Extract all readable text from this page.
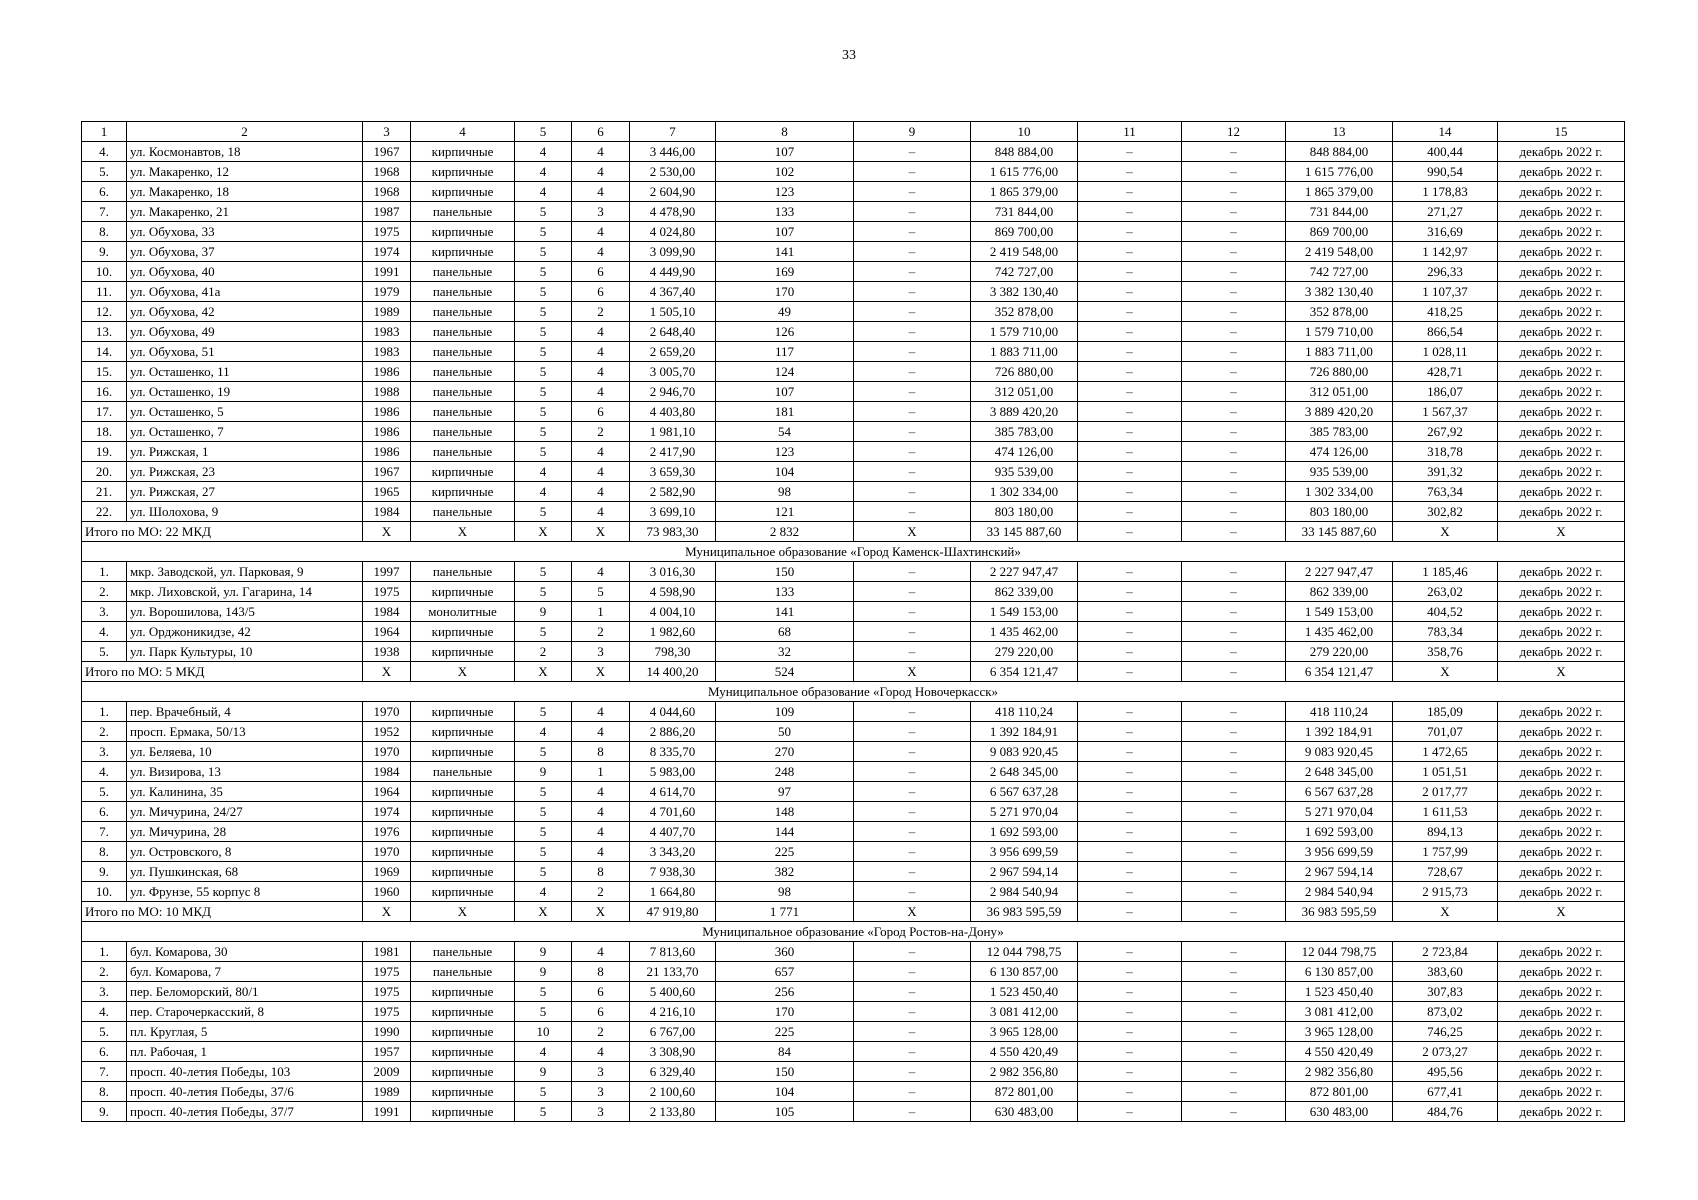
33
1	2	3	4	5	6	7	8	9	10	11	12	13	14	15
4.	ул. Космонавтов, 18	1967	кирпичные	4	4	3 446,00	107	–	848 884,00	–	–	848 884,00	400,44	декабрь 2022 г.
5.	ул. Макаренко, 12	1968	кирпичные	4	4	2 530,00	102	–	1 615 776,00	–	–	1 615 776,00	990,54	декабрь 2022 г.
6.	ул. Макаренко, 18	1968	кирпичные	4	4	2 604,90	123	–	1 865 379,00	–	–	1 865 379,00	1 178,83	декабрь 2022 г.
7.	ул. Макаренко, 21	1987	панельные	5	3	4 478,90	133	–	731 844,00	–	–	731 844,00	271,27	декабрь 2022 г.
8.	ул. Обухова, 33	1975	кирпичные	5	4	4 024,80	107	–	869 700,00	–	–	869 700,00	316,69	декабрь 2022 г.
9.	ул. Обухова, 37	1974	кирпичные	5	4	3 099,90	141	–	2 419 548,00	–	–	2 419 548,00	1 142,97	декабрь 2022 г.
10.	ул. Обухова, 40	1991	панельные	5	6	4 449,90	169	–	742 727,00	–	–	742 727,00	296,33	декабрь 2022 г.
11.	ул. Обухова, 41а	1979	панельные	5	6	4 367,40	170	–	3 382 130,40	–	–	3 382 130,40	1 107,37	декабрь 2022 г.
12.	ул. Обухова, 42	1989	панельные	5	2	1 505,10	49	–	352 878,00	–	–	352 878,00	418,25	декабрь 2022 г.
13.	ул. Обухова, 49	1983	панельные	5	4	2 648,40	126	–	1 579 710,00	–	–	1 579 710,00	866,54	декабрь 2022 г.
14.	ул. Обухова, 51	1983	панельные	5	4	2 659,20	117	–	1 883 711,00	–	–	1 883 711,00	1 028,11	декабрь 2022 г.
15.	ул. Осташенко, 11	1986	панельные	5	4	3 005,70	124	–	726 880,00	–	–	726 880,00	428,71	декабрь 2022 г.
16.	ул. Осташенко, 19	1988	панельные	5	4	2 946,70	107	–	312 051,00	–	–	312 051,00	186,07	декабрь 2022 г.
17.	ул. Осташенко, 5	1986	панельные	5	6	4 403,80	181	–	3 889 420,20	–	–	3 889 420,20	1 567,37	декабрь 2022 г.
18.	ул. Осташенко, 7	1986	панельные	5	2	1 981,10	54	–	385 783,00	–	–	385 783,00	267,92	декабрь 2022 г.
19.	ул. Рижская, 1	1986	панельные	5	4	2 417,90	123	–	474 126,00	–	–	474 126,00	318,78	декабрь 2022 г.
20.	ул. Рижская, 23	1967	кирпичные	4	4	3 659,30	104	–	935 539,00	–	–	935 539,00	391,32	декабрь 2022 г.
21.	ул. Рижская, 27	1965	кирпичные	4	4	2 582,90	98	–	1 302 334,00	–	–	1 302 334,00	763,34	декабрь 2022 г.
22.	ул. Шолохова, 9	1984	панельные	5	4	3 699,10	121	–	803 180,00	–	–	803 180,00	302,82	декабрь 2022 г.
Итого по МО: 22 МКД		X	X	X	X	73 983,30	2 832	X	33 145 887,60	–	–	33 145 887,60	X	X
Муниципальное образование «Город Каменск-Шахтинский»														
1.	мкр. Заводской, ул. Парковая, 9	1997	панельные	5	4	3 016,30	150	–	2 227 947,47	–	–	2 227 947,47	1 185,46	декабрь 2022 г.
2.	мкр. Лиховской, ул. Гагарина, 14	1975	кирпичные	5	5	4 598,90	133	–	862 339,00	–	–	862 339,00	263,02	декабрь 2022 г.
3.	ул. Ворошилова, 143/5	1984	монолитные	9	1	4 004,10	141	–	1 549 153,00	–	–	1 549 153,00	404,52	декабрь 2022 г.
4.	ул. Орджоникидзе, 42	1964	кирпичные	5	2	1 982,60	68	–	1 435 462,00	–	–	1 435 462,00	783,34	декабрь 2022 г.
5.	ул. Парк Культуры, 10	1938	кирпичные	2	3	798,30	32	–	279 220,00	–	–	279 220,00	358,76	декабрь 2022 г.
Итого по МО: 5 МКД		X	X	X	X	14 400,20	524	X	6 354 121,47	–	–	6 354 121,47	X	X
Муниципальное образование «Город Новочеркасск»														
1.	пер. Врачебный, 4	1970	кирпичные	5	4	4 044,60	109	–	418 110,24	–	–	418 110,24	185,09	декабрь 2022 г.
2.	просп. Ермака, 50/13	1952	кирпичные	4	4	2 886,20	50	–	1 392 184,91	–	–	1 392 184,91	701,07	декабрь 2022 г.
3.	ул. Беляева, 10	1970	кирпичные	5	8	8 335,70	270	–	9 083 920,45	–	–	9 083 920,45	1 472,65	декабрь 2022 г.
4.	ул. Визирова, 13	1984	панельные	9	1	5 983,00	248	–	2 648 345,00	–	–	2 648 345,00	1 051,51	декабрь 2022 г.
5.	ул. Калинина, 35	1964	кирпичные	5	4	4 614,70	97	–	6 567 637,28	–	–	6 567 637,28	2 017,77	декабрь 2022 г.
6.	ул. Мичурина, 24/27	1974	кирпичные	5	4	4 701,60	148	–	5 271 970,04	–	–	5 271 970,04	1 611,53	декабрь 2022 г.
7.	ул. Мичурина, 28	1976	кирпичные	5	4	4 407,70	144	–	1 692 593,00	–	–	1 692 593,00	894,13	декабрь 2022 г.
8.	ул. Островского, 8	1970	кирпичные	5	4	3 343,20	225	–	3 956 699,59	–	–	3 956 699,59	1 757,99	декабрь 2022 г.
9.	ул. Пушкинская, 68	1969	кирпичные	5	8	7 938,30	382	–	2 967 594,14	–	–	2 967 594,14	728,67	декабрь 2022 г.
10.	ул. Фрунзе, 55 корпус 8	1960	кирпичные	4	2	1 664,80	98	–	2 984 540,94	–	–	2 984 540,94	2 915,73	декабрь 2022 г.
Итого по МО: 10 МКД		X	X	X	X	47 919,80	1 771	X	36 983 595,59	–	–	36 983 595,59	X	X
Муниципальное образование «Город Ростов-на-Дону»														
1.	бул. Комарова, 30	1981	панельные	9	4	7 813,60	360	–	12 044 798,75	–	–	12 044 798,75	2 723,84	декабрь 2022 г.
2.	бул. Комарова, 7	1975	панельные	9	8	21 133,70	657	–	6 130 857,00	–	–	6 130 857,00	383,60	декабрь 2022 г.
3.	пер. Беломорский, 80/1	1975	кирпичные	5	6	5 400,60	256	–	1 523 450,40	–	–	1 523 450,40	307,83	декабрь 2022 г.
4.	пер. Старочеркасский, 8	1975	кирпичные	5	6	4 216,10	170	–	3 081 412,00	–	–	3 081 412,00	873,02	декабрь 2022 г.
5.	пл. Круглая, 5	1990	кирпичные	10	2	6 767,00	225	–	3 965 128,00	–	–	3 965 128,00	746,25	декабрь 2022 г.
6.	пл. Рабочая, 1	1957	кирпичные	4	4	3 308,90	84	–	4 550 420,49	–	–	4 550 420,49	2 073,27	декабрь 2022 г.
7.	просп. 40-летия Победы, 103	2009	кирпичные	9	3	6 329,40	150	–	2 982 356,80	–	–	2 982 356,80	495,56	декабрь 2022 г.
8.	просп. 40-летия Победы, 37/6	1989	кирпичные	5	3	2 100,60	104	–	872 801,00	–	–	872 801,00	677,41	декабрь 2022 г.
9.	просп. 40-летия Победы, 37/7	1991	кирпичные	5	3	2 133,80	105	–	630 483,00	–	–	630 483,00	484,76	декабрь 2022 г.
